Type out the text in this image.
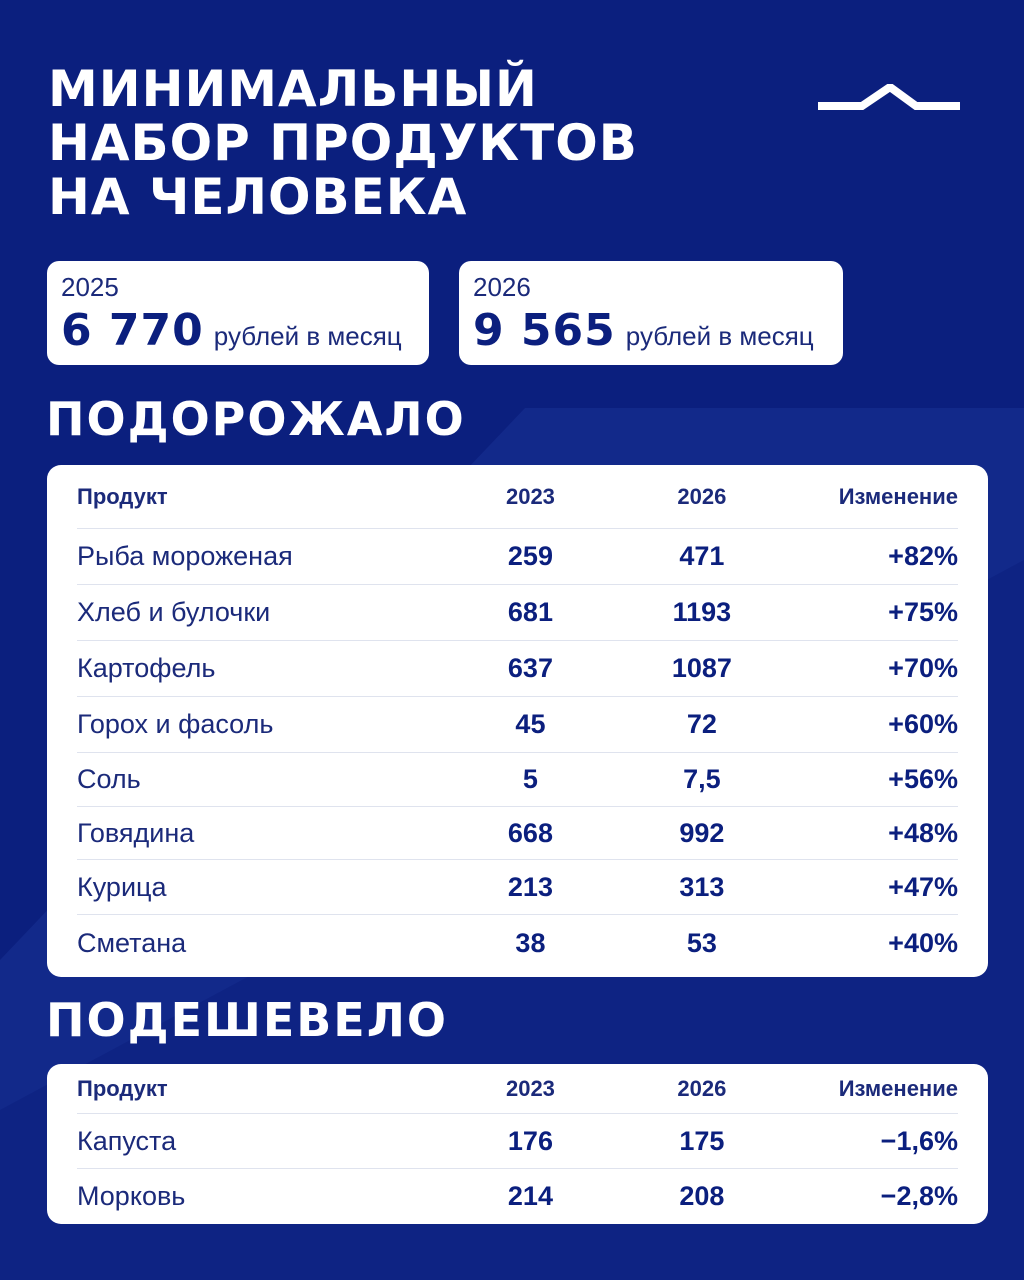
МИНИМАЛЬНЫЙ
НАБОР ПРОДУКТОВ
НА ЧЕЛОВЕКА
2025
6 770 рублей в месяц
2026
9 565 рублей в месяц
ПОДОРОЖАЛО
Продукт	2023	2026	Изменение
Рыба мороженая	259	471	+82%
Хлеб и булочки	681	1193	+75%
Картофель	637	1087	+70%
Горох и фасоль	45	72	+60%
Соль	5	7,5	+56%
Говядина	668	992	+48%
Курица	213	313	+47%
Сметана	38	53	+40%
ПОДЕШЕВЕЛО
Продукт	2023	2026	Изменение
Капуста	176	175	−1,6%
Морковь	214	208	−2,8%
